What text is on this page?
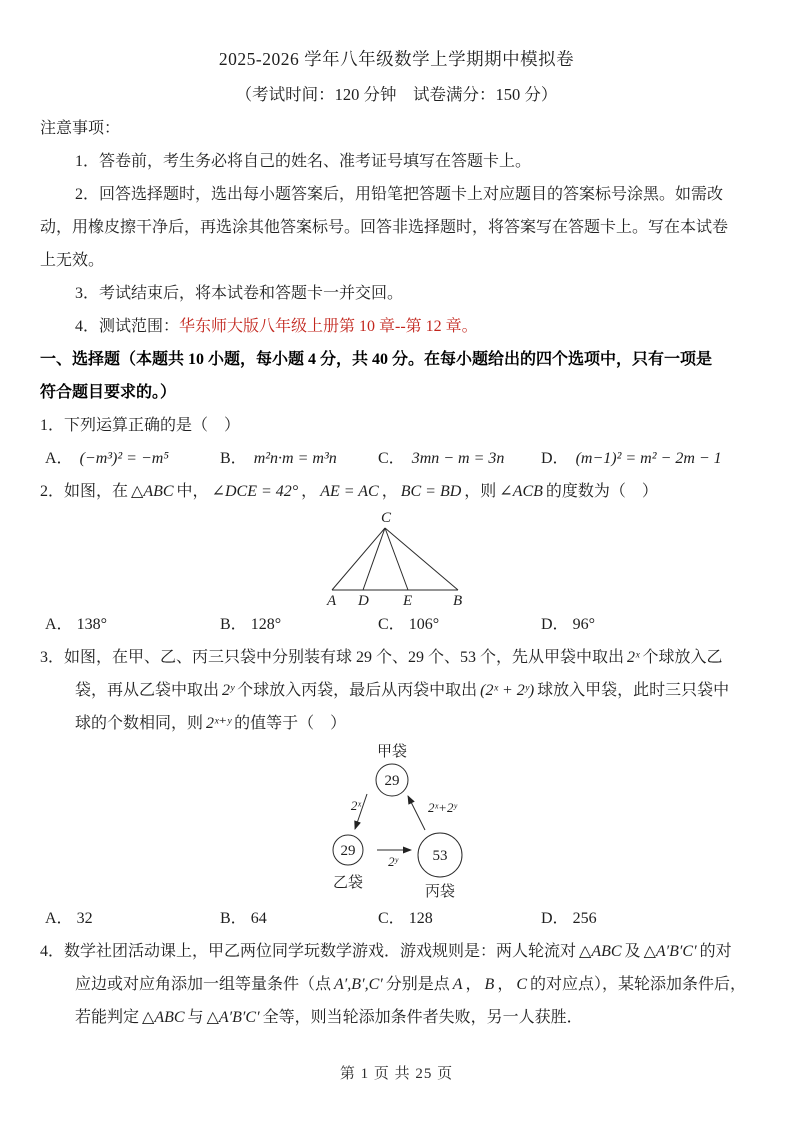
2025-2026 学年八年级数学上学期期中模拟卷
（考试时间：120 分钟　试卷满分：150 分）
注意事项：
1．答卷前，考生务必将自己的姓名、准考证号填写在答题卡上。
2．回答选择题时，选出每小题答案后，用铅笔把答题卡上对应题目的答案标号涂黑。如需改
动，用橡皮擦干净后，再选涂其他答案标号。回答非选择题时，将答案写在答题卡上。写在本试卷
上无效。
3．考试结束后，将本试卷和答题卡一并交回。
4．测试范围：华东师大版八年级上册第 10 章--第 12 章。
一、选择题（本题共 10 小题，每小题 4 分，共 40 分。在每小题给出的四个选项中，只有一项是
符合题目要求的。）
1．下列运算正确的是（　）
A． (−m³)² = −m⁵	B． m²n·m = m³n	C． 3mn − m = 3n	D． (m−1)² = m² − 2m − 1
2．如图，在 △ABC 中， ∠DCE = 42° ， AE = AC ， BC = BD ，则 ∠ACB 的度数为（　）
C
A D E	B
A． 138°	B． 128°	C． 106°	D． 96°
3．如图，在甲、乙、丙三只袋中分别装有球 29 个、29 个、53 个，先从甲袋中取出 2ˣ 个球放入乙
袋，再从乙袋中取出 2ʸ 个球放入丙袋，最后从丙袋中取出 (2ˣ + 2ʸ) 球放入甲袋，此时三只袋中
球的个数相同，则 2ˣ⁺ʸ 的值等于（　）
甲袋
29
29
乙袋
53
丙袋
2ˣ
2ʸ
2ˣ+2ʸ
A． 32	B． 64	C． 128	D． 256
4．数学社团活动课上，甲乙两位同学玩数学游戏．游戏规则是：两人轮流对 △ABC 及 △A′B′C′ 的对
应边或对应角添加一组等量条件（点 A′,B′,C′ 分别是点 A ， B ， C 的对应点），某轮添加条件后，
若能判定 △ABC 与 △A′B′C′ 全等，则当轮添加条件者失败，另一人获胜．
第 1 页 共 25 页
